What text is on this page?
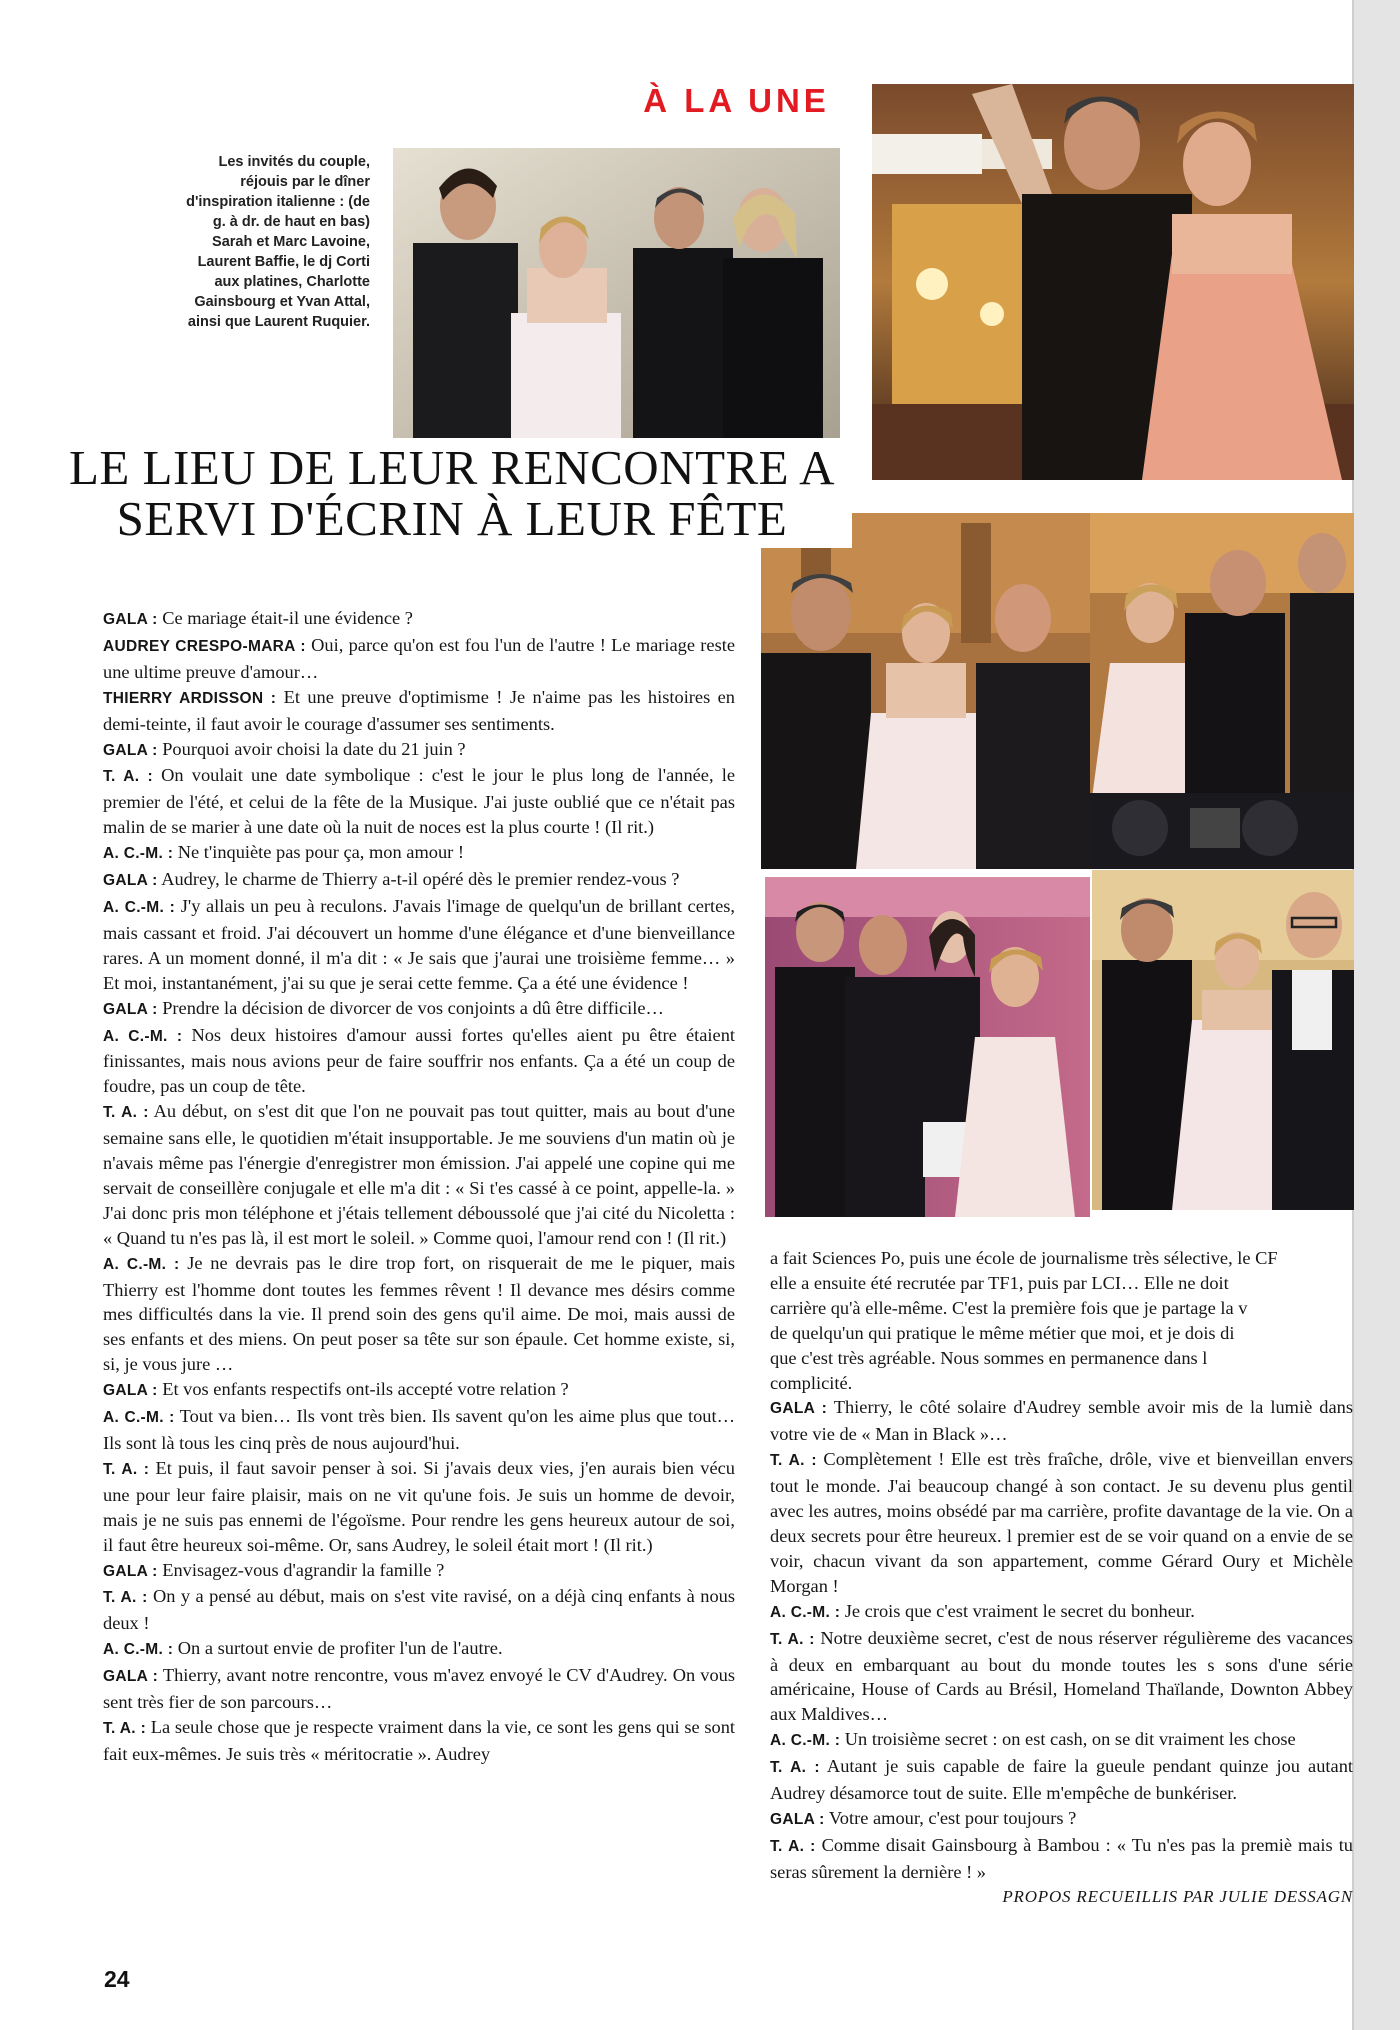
À LA UNE
Les invités du couple, réjouis par le dîner d'inspiration italienne : (de g. à dr. de haut en bas) Sarah et Marc Lavoine, Laurent Baffie, le dj Corti aux platines, Charlotte Gainsbourg et Yvan Attal, ainsi que Laurent Ruquier.
LE LIEU DE LEUR RENCONTRE A
SERVI D'ÉCRIN À LEUR FÊTE

GALA : Ce mariage était-il une évidence ?

AUDREY CRESPO-MARA : Oui, parce qu'on est fou l'un de l'autre ! Le mariage reste une ultime preuve d'amour…

THIERRY ARDISSON : Et une preuve d'optimisme ! Je n'aime pas les histoires en demi-teinte, il faut avoir le courage d'assumer ses sentiments.

GALA : Pourquoi avoir choisi la date du 21 juin ?

T. A. : On voulait une date symbolique : c'est le jour le plus long de l'année, le premier de l'été, et celui de la fête de la Musique. J'ai juste oublié que ce n'était pas malin de se marier à une date où la nuit de noces est la plus courte ! (Il rit.)

A. C.-M. : Ne t'inquiète pas pour ça, mon amour !

GALA : Audrey, le charme de Thierry a-t-il opéré dès le premier rendez-vous ?

A. C.-M. : J'y allais un peu à reculons. J'avais l'image de quelqu'un de brillant certes, mais cassant et froid. J'ai découvert un homme d'une élégance et d'une bienveillance rares. A un moment donné, il m'a dit : « Je sais que j'aurai une troisième femme… » Et moi, instantanément, j'ai su que je serai cette femme. Ça a été une évidence !

GALA : Prendre la décision de divorcer de vos conjoints a dû être difficile…

A. C.-M. : Nos deux histoires d'amour aussi fortes qu'elles aient pu être étaient finissantes, mais nous avions peur de faire souffrir nos enfants. Ça a été un coup de foudre, pas un coup de tête.

T. A. : Au début, on s'est dit que l'on ne pouvait pas tout quitter, mais au bout d'une semaine sans elle, le quotidien m'était insupportable. Je me souviens d'un matin où je n'avais même pas l'énergie d'enregistrer mon émission. J'ai appelé une copine qui me servait de conseillère conjugale et elle m'a dit : « Si t'es cassé à ce point, appelle-la. » J'ai donc pris mon téléphone et j'étais tellement déboussolé que j'ai cité du Nicoletta : « Quand tu n'es pas là, il est mort le soleil. » Comme quoi, l'amour rend con ! (Il rit.)

A. C.-M. : Je ne devrais pas le dire trop fort, on risquerait de me le piquer, mais Thierry est l'homme dont toutes les femmes rêvent ! Il devance mes désirs comme mes difficultés dans la vie. Il prend soin des gens qu'il aime. De moi, mais aussi de ses enfants et des miens. On peut poser sa tête sur son épaule. Cet homme existe, si, si, je vous jure …

GALA : Et vos enfants respectifs ont-ils accepté votre relation ?

A. C.-M. : Tout va bien… Ils vont très bien. Ils savent qu'on les aime plus que tout… Ils sont là tous les cinq près de nous aujourd'hui.

T. A. : Et puis, il faut savoir penser à soi. Si j'avais deux vies, j'en aurais bien vécu une pour leur faire plaisir, mais on ne vit qu'une fois. Je suis un homme de devoir, mais je ne suis pas ennemi de l'égoïsme. Pour rendre les gens heureux autour de soi, il faut être heureux soi-même. Or, sans Audrey, le soleil était mort ! (Il rit.)

GALA : Envisagez-vous d'agrandir la famille ?

T. A. : On y a pensé au début, mais on s'est vite ravisé, on a déjà cinq enfants à nous deux !

A. C.-M. : On a surtout envie de profiter l'un de l'autre.

GALA : Thierry, avant notre rencontre, vous m'avez envoyé le CV d'Audrey. On vous sent très fier de son parcours…

T. A. : La seule chose que je respecte vraiment dans la vie, ce sont les gens qui se sont fait eux-mêmes. Je suis très « méritocratie ». Audrey

a fait Sciences Po, puis une école de journalisme très sélective, le CF

elle a ensuite été recrutée par TF1, puis par LCI… Elle ne doit

carrière qu'à elle-même. C'est la première fois que je partage la v

de quelqu'un qui pratique le même métier que moi, et je dois di

que c'est très agréable. Nous sommes en permanence dans l

complicité.

GALA : Thierry, le côté solaire d'Audrey semble avoir mis de la lumiè dans votre vie de « Man in Black »…

T. A. : Complètement ! Elle est très fraîche, drôle, vive et bienveillan envers tout le monde. J'ai beaucoup changé à son contact. Je su devenu plus gentil avec les autres, moins obsédé par ma carrière, profite davantage de la vie. On a deux secrets pour être heureux. l premier est de se voir quand on a envie de se voir, chacun vivant da son appartement, comme Gérard Oury et Michèle Morgan !

A. C.-M. : Je crois que c'est vraiment le secret du bonheur.

T. A. : Notre deuxième secret, c'est de nous réserver régulièreme des vacances à deux en embarquant au bout du monde toutes les s sons d'une série américaine, House of Cards au Brésil, Homeland Thaïlande, Downton Abbey aux Maldives…

A. C.-M. : Un troisième secret : on est cash, on se dit vraiment les chose

T. A. : Autant je suis capable de faire la gueule pendant quinze jou autant Audrey désamorce tout de suite. Elle m'empêche de bunkériser.

GALA : Votre amour, c'est pour toujours ?

T. A. : Comme disait Gainsbourg à Bambou : « Tu n'es pas la premiè mais tu seras sûrement la dernière ! »

PROPOS RECUEILLIS PAR JULIE DESSAGN

24
